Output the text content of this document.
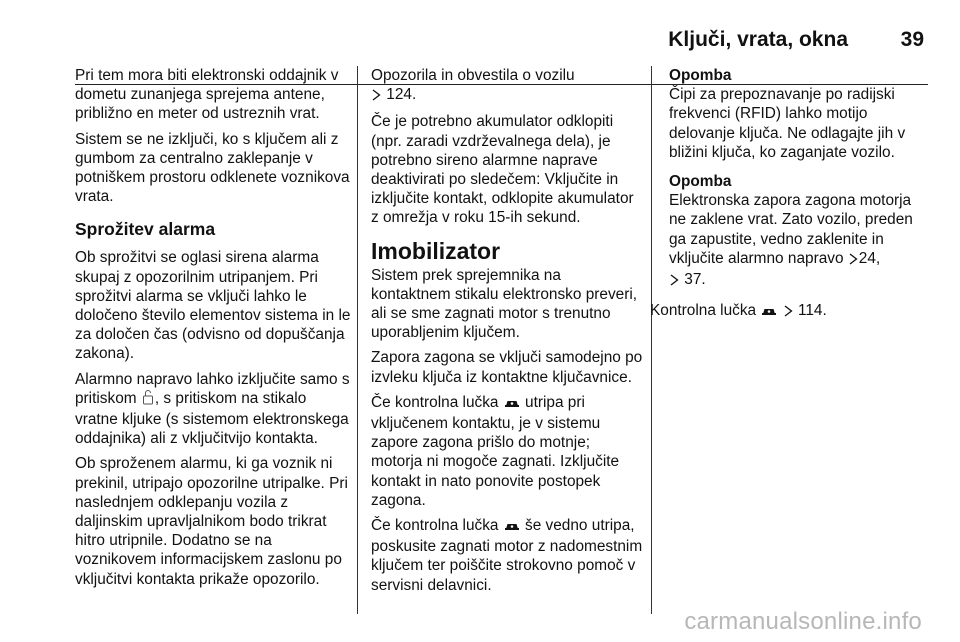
Ključi, vrata, okna	39

Pri tem mora biti elektronski oddajnik v dometu zunanjega sprejema antene, približno en meter od ustreznih vrat.

Sistem se ne izključi, ko s ključem ali z gumbom za centralno zaklepanje v potniškem prostoru odklenete voznikova vrata.

Sprožitev alarma

Ob sprožitvi se oglasi sirena alarma skupaj z opozorilnim utripanjem. Pri sprožitvi alarma se vključi lahko le določeno število elementov sistema in le za določen čas (odvisno od dopuščanja zakona).

Alarmno napravo lahko izključite samo s pritiskom , s pritiskom na stikalo vratne kljuke (s sistemom elektronskega oddajnika) ali z vključitvijo kontakta.

Ob sproženem alarmu, ki ga voznik ni prekinil, utripajo opozorilne utripalke. Pri naslednjem odklepanju vozila z daljinskim upravljalnikom bodo trikrat hitro utripnile. Dodatno se na voznikovem informacijskem zaslonu po vključitvi kontakta prikaže opozorilo.

Opozorila in obvestila o vozilu
124.

Če je potrebno akumulator odklopiti (npr. zaradi vzdrževalnega dela), je potrebno sireno alarmne naprave deaktivirati po sledečem: Vključite in izključite kontakt, odklopite akumulator z omrežja v roku 15-ih sekund.

Imobilizator

Sistem prek sprejemnika na kontaktnem stikalu elektronsko preveri, ali se sme zagnati motor s trenutno uporabljenim ključem.

Zapora zagona se vključi samodejno po izvleku ključa iz kontaktne ključavnice.

Če kontrolna lučka  utripa pri vključenem kontaktu, je v sistemu zapore zagona prišlo do motnje; motorja ni mogoče zagnati. Izključite kontakt in nato ponovite postopek zagona.

Če kontrolna lučka  še vedno utripa, poskusite zagnati motor z nadomestnim ključem ter poiščite strokovno pomoč v servisni delavnici.

Opomba
Čipi za prepoznavanje po radijski frekvenci (RFID) lahko motijo delovanje ključa. Ne odlagajte jih v bližini ključa, ko zaganjate vozilo.
Opomba
Elektronska zapora zagona motorja ne zaklene vrat. Zato vozilo, preden ga zapustite, vedno zaklenite in vključite alarmno napravo 24,
37.

Kontrolna lučka   114.

carmanualsonline.info
